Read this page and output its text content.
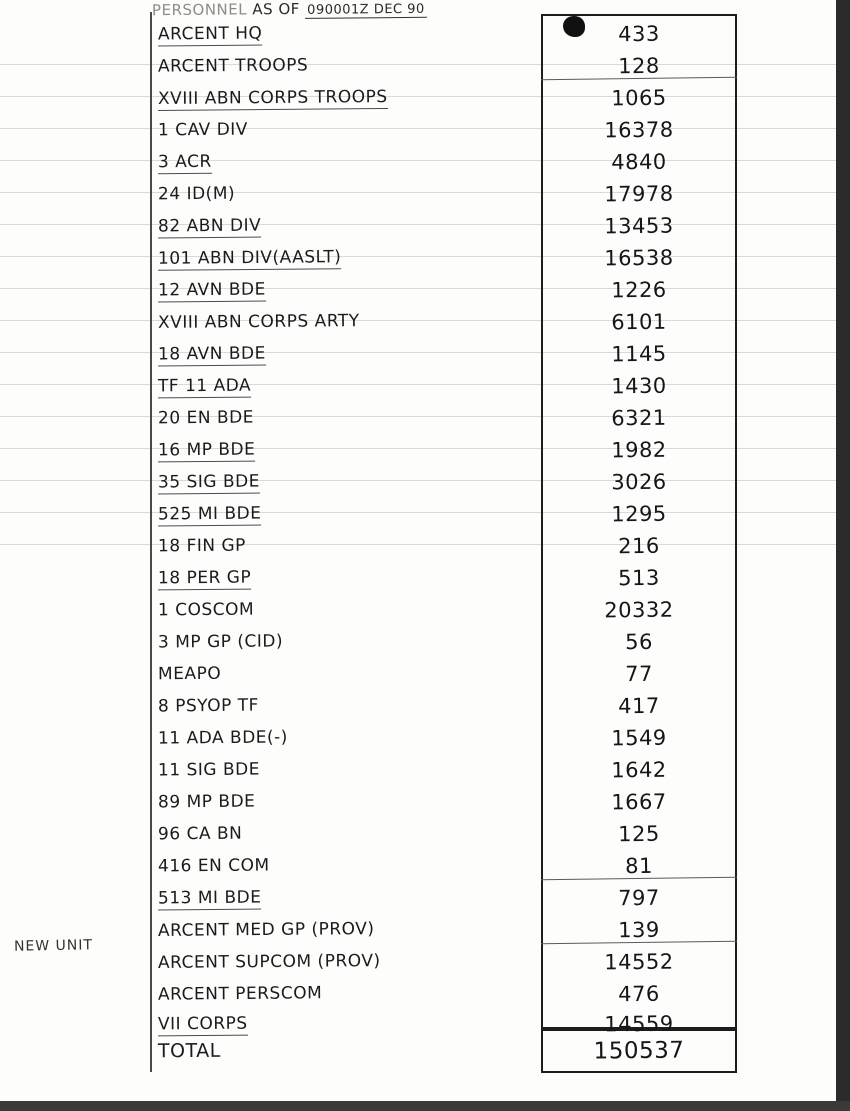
PERSONNEL AS OF 090001Z DEC 90
NEW UNIT
ARCENT HQ	433
ARCENT TROOPS	128
XVIII ABN CORPS TROOPS	1065
1 CAV DIV	16378
3 ACR	4840
24 ID(M)	17978
82 ABN DIV	13453
101 ABN DIV(AASLT)	16538
12 AVN BDE	1226
XVIII ABN CORPS ARTY	6101
18 AVN BDE	1145
TF 11 ADA	1430
20 EN BDE	6321
16 MP BDE	1982
35 SIG BDE	3026
525 MI BDE	1295
18 FIN GP	216
18 PER GP	513
1 COSCOM	20332
3 MP GP (CID)	56
MEAPO	77
8 PSYOP TF	417
11 ADA BDE(-)	1549
11 SIG BDE	1642
89 MP BDE	1667
96 CA BN	125
416 EN COM	81
513 MI BDE	797
ARCENT MED GP (PROV)	139
ARCENT SUPCOM (PROV)	14552
ARCENT PERSCOM	476
VII CORPS	14559
TOTAL	150537
